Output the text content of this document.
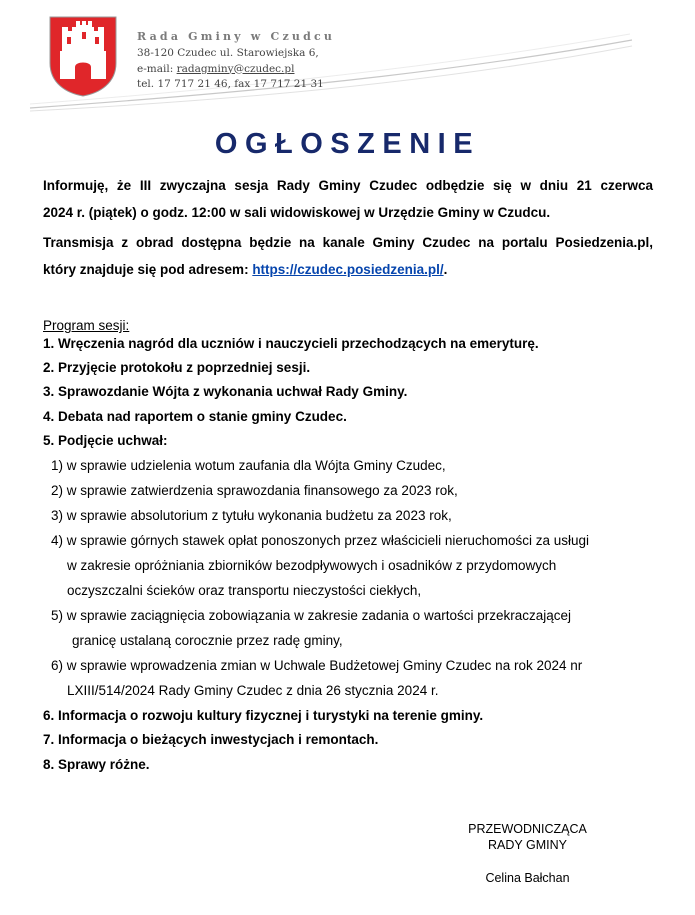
Rada Gminy w Czudcu
38-120 Czudec ul. Starowiejska 6,
e-mail: radagminy@czudec.pl
tel. 17 717 21 46, fax 17 717 21 31
OGŁOSZENIE
Informuję, że III zwyczajna sesja Rady Gminy Czudec odbędzie się w dniu 21 czerwca
2024 r. (piątek) o godz. 12:00 w sali widowiskowej w Urzędzie Gminy w Czudcu.
Transmisja z obrad dostępna będzie na kanale Gminy Czudec na portalu Posiedzenia.pl,
który znajduje się pod adresem: https://czudec.posiedzenia.pl/.
Program sesji:
1. Wręczenia nagród dla uczniów i nauczycieli przechodzących na emeryturę.
2. Przyjęcie protokołu z poprzedniej sesji.
3. Sprawozdanie Wójta z wykonania uchwał Rady Gminy.
4. Debata nad raportem o stanie gminy Czudec.
5. Podjęcie uchwał:
1) w sprawie udzielenia wotum zaufania dla Wójta Gminy Czudec,
2) w sprawie zatwierdzenia sprawozdania finansowego za 2023 rok,
3) w sprawie absolutorium z tytułu wykonania budżetu za 2023 rok,
4) w sprawie górnych stawek opłat ponoszonych przez właścicieli nieruchomości za usługi
w zakresie opróżniania zbiorników bezodpływowych i osadników z przydomowych
oczyszczalni ścieków oraz transportu nieczystości ciekłych,
5) w sprawie zaciągnięcia zobowiązania w zakresie zadania o wartości przekraczającej
granicę ustalaną corocznie przez radę gminy,
6) w sprawie wprowadzenia zmian w Uchwale Budżetowej Gminy Czudec na rok 2024 nr
LXIII/514/2024 Rady Gminy Czudec z dnia 26 stycznia 2024 r.
6. Informacja o rozwoju kultury fizycznej i turystyki na terenie gminy.
7. Informacja o bieżących inwestycjach i remontach.
8. Sprawy różne.
PRZEWODNICZĄCA
RADY GMINY
Celina Bałchan
